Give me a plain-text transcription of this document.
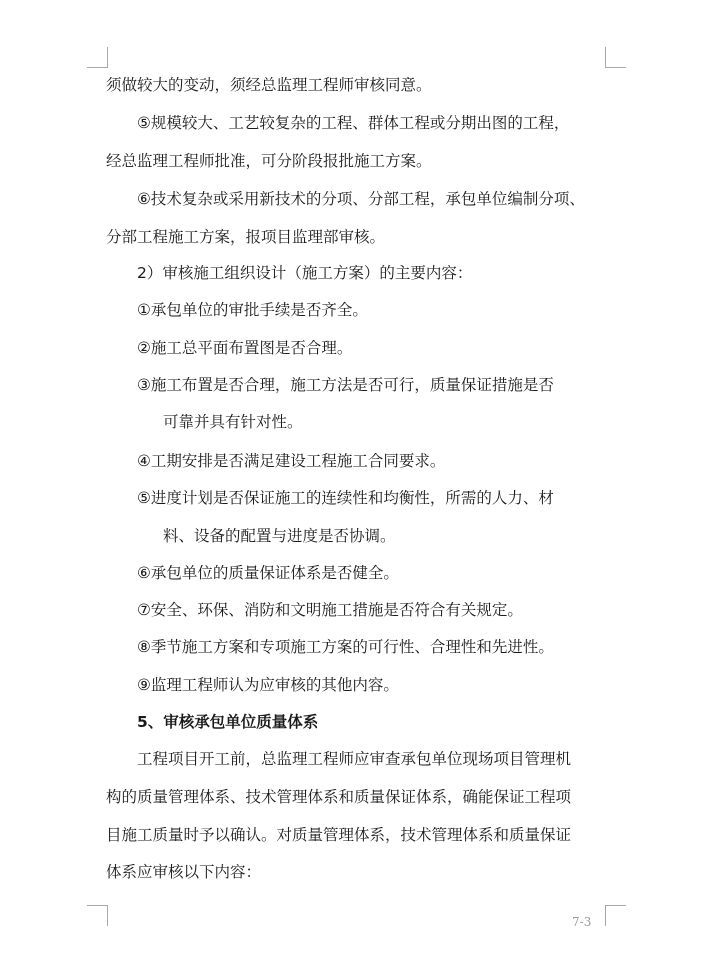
须做较大的变动，须经总监理工程师审核同意。
⑤规模较大、工艺较复杂的工程、群体工程或分期出图的工程，
经总监理工程师批准，可分阶段报批施工方案。
⑥技术复杂或采用新技术的分项、分部工程，承包单位编制分项、
分部工程施工方案，报项目监理部审核。
2）审核施工组织设计（施工方案）的主要内容：
①承包单位的审批手续是否齐全。
②施工总平面布置图是否合理。
③施工布置是否合理，施工方法是否可行，质量保证措施是否
可靠并具有针对性。
④工期安排是否满足建设工程施工合同要求。
⑤进度计划是否保证施工的连续性和均衡性，所需的人力、材
料、设备的配置与进度是否协调。
⑥承包单位的质量保证体系是否健全。
⑦安全、环保、消防和文明施工措施是否符合有关规定。
⑧季节施工方案和专项施工方案的可行性、合理性和先进性。
⑨监理工程师认为应审核的其他内容。
5、审核承包单位质量体系
工程项目开工前，总监理工程师应审查承包单位现场项目管理机
构的质量管理体系、技术管理体系和质量保证体系，确能保证工程项
目施工质量时予以确认。对质量管理体系，技术管理体系和质量保证
体系应审核以下内容：
7-3
